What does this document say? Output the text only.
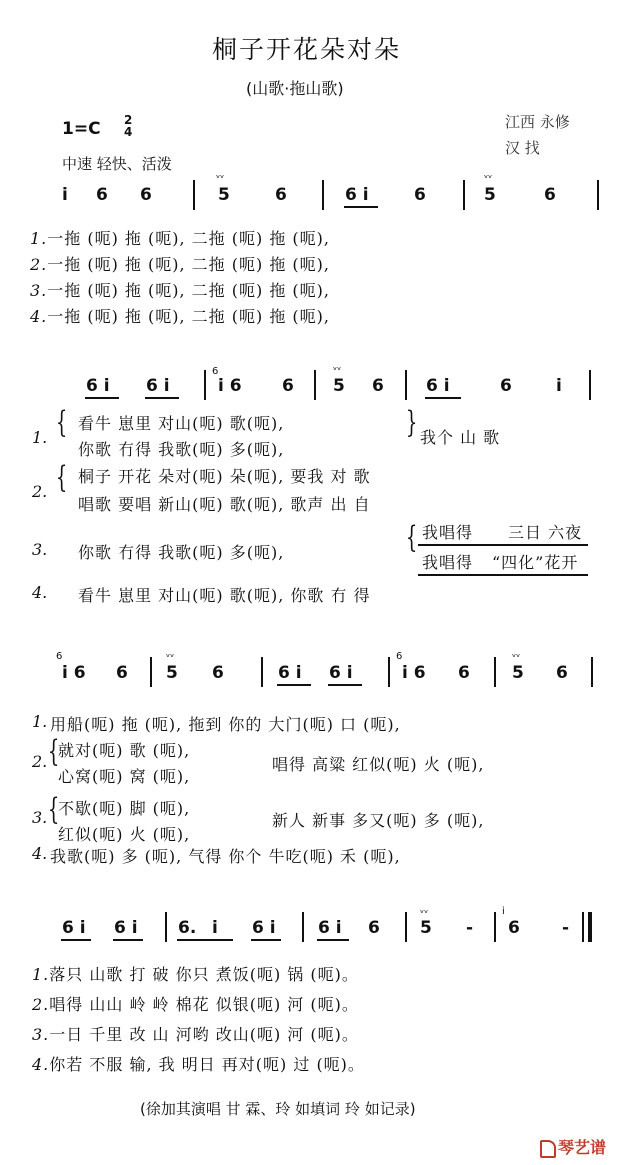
桐子开花朵对朵
(山歌·拖山歌)
江西 永修
汉 找
1=C 2
4
中速 轻快、活泼
i 6 6
ᵥᵥ
5	6	6 i	6
ᵥᵥ
5	6
1.一拖 (呃) 拖 (呃), 二拖 (呃) 拖 (呃),
2.一拖 (呃) 拖 (呃), 二拖 (呃) 拖 (呃),
3.一拖 (呃) 拖 (呃), 二拖 (呃) 拖 (呃),
4.一拖 (呃) 拖 (呃), 二拖 (呃) 拖 (呃),
6 i 6 i
6
i 6 6
ᵥᵥ
5 6 6 i	6	i
1. { 看牛 崽里 对山(呃) 歌(呃),
你歌 冇得 我歌(呃) 多(呃),
} 我个 山 歌
2. { 桐子 开花 朵对(呃) 朵(呃), 要我 对 歌
唱歌 要唱 新山(呃) 歌(呃), 歌声 出 自
3. 你歌 冇得 我歌(呃) 多(呃),	{ 我唱得 三日 六夜
我唱得 “四化”花开
4. 看牛 崽里 对山(呃) 歌(呃), 你歌 冇 得
6
i 6 6
ᵥᵥ
5 6	6 i 6 i
6
i 6 6
ᵥᵥ
5 6
1. 用船(呃) 拖 (呃), 拖到 你的 大门(呃) 口 (呃),
2. {
就对(呃) 歌 (呃),
心窝(呃) 窝 (呃),
唱得 高粱 红似(呃) 火 (呃),
3. {
不歇(呃) 脚 (呃),
红似(呃) 火 (呃),
新人 新事 多又(呃) 多 (呃),
4. 我歌(呃) 多 (呃), 气得 你个 牛吃(呃) 禾 (呃),
6 i 6 i 6. i 6 i 6 i 6
ᵥᵥ
5 -
i
6 -
1.落只 山歌 打 破 你只 煮饭(呃) 锅 (呃)。
2.唱得 山山 岭 岭 棉花 似银(呃) 河 (呃)。
3.一日 千里 改 山 河哟 改山(呃) 河 (呃)。
4.你若 不服 输, 我 明日 再对(呃) 过 (呃)。
(徐加其演唱 甘 霖、玲 如填词 玲 如记录)
琴艺谱
